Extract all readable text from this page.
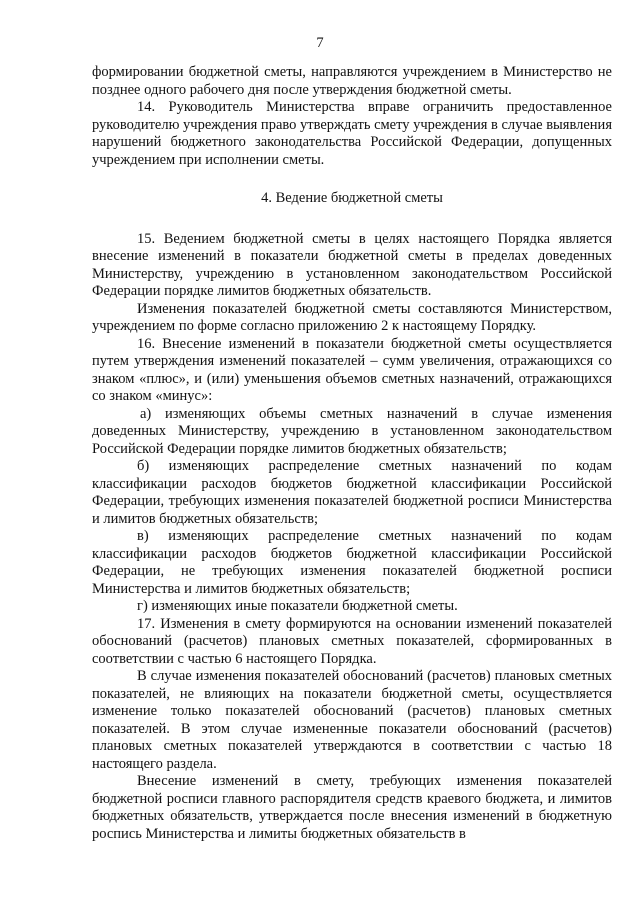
7

формировании бюджетной сметы, направляются учреждением в Министерство не позднее одного рабочего дня после утверждения бюджетной сметы.

14. Руководитель Министерства вправе ограничить предоставленное руководителю учреждения право утверждать смету учреждения в случае выявления нарушений бюджетного законодательства Российской Федерации, допущенных учреждением при исполнении сметы.

4. Ведение бюджетной сметы

15. Ведением бюджетной сметы в целях настоящего Порядка является внесение изменений в показатели бюджетной сметы в пределах доведенных Министерству, учреждению в установленном законодательством Российской Федерации порядке лимитов бюджетных обязательств.

Изменения показателей бюджетной сметы составляются Министерством, учреждением по форме согласно приложению 2 к настоящему Порядку.

16. Внесение изменений в показатели бюджетной сметы осуществляется путем утверждения изменений показателей – сумм увеличения, отражающихся со знаком «плюс», и (или) уменьшения объемов сметных назначений, отражающихся со знаком «минус»:

а) изменяющих объемы сметных назначений в случае изменения доведенных Министерству, учреждению в установленном законодательством Российской Федерации порядке лимитов бюджетных обязательств;

б) изменяющих распределение сметных назначений по кодам классификации расходов бюджетов бюджетной классификации Российской Федерации, требующих изменения показателей бюджетной росписи Министерства и лимитов бюджетных обязательств;

в) изменяющих распределение сметных назначений по кодам классификации расходов бюджетов бюджетной классификации Российской Федерации, не требующих изменения показателей бюджетной росписи Министерства и лимитов бюджетных обязательств;

г) изменяющих иные показатели бюджетной сметы.

17. Изменения в смету формируются на основании изменений показателей обоснований (расчетов) плановых сметных показателей, сформированных в соответствии с частью 6 настоящего Порядка.

В случае изменения показателей обоснований (расчетов) плановых сметных показателей, не влияющих на показатели бюджетной сметы, осуществляется изменение только показателей обоснований (расчетов) плановых сметных показателей. В этом случае измененные показатели обоснований (расчетов) плановых сметных показателей утверждаются в соответствии с частью 18 настоящего раздела.

Внесение изменений в смету, требующих изменения показателей бюджетной росписи главного распорядителя средств краевого бюджета, и лимитов бюджетных обязательств, утверждается после внесения изменений в бюджетную роспись Министерства и лимиты бюджетных обязательств в
